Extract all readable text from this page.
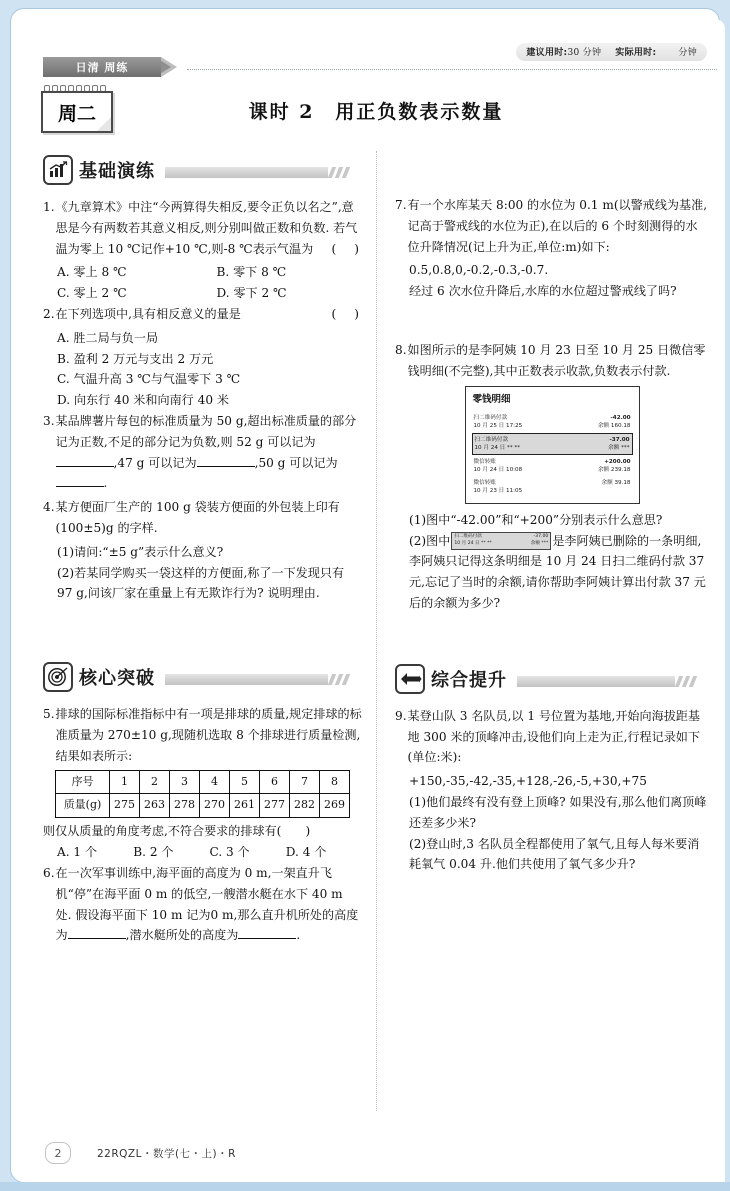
建议用时:30 分钟 实际用时: 分钟
日清 周练
周二	课时 2　用正负数表示数量
基础演练
1. 《九章算术》中注“今两算得失相反,要令正负以名之”,意思是今有两数若其意义相反,则分别叫做正数和负数. 若气温为零上 10 ℃记作+10 ℃,则-8 ℃表示气温为 (　)
A. 零上 8 ℃	B. 零下 8 ℃
C. 零上 2 ℃	D. 零下 2 ℃
2. 在下列选项中,具有相反意义的量是	(　)
A. 胜二局与负一局
B. 盈利 2 万元与支出 2 万元
C. 气温升高 3 ℃与气温零下 3 ℃
D. 向东行 40 米和向南行 40 米
3. 某品牌薯片每包的标准质量为 50 g,超出标准质量的部分记为正数,不足的部分记为负数,则 52 g 可以记为,47 g 可以记为	,50 g 可以记为.
4. 某方便面厂生产的 100 g 袋装方便面的外包装上印有(100±5)g 的字样.
(1)请问:“±5 g”表示什么意义?
(2)若某同学购买一袋这样的方便面,称了一下发现只有 97 g,问该厂家在重量上有无欺诈行为? 说明理由.
核心突破
5. 排球的国际标准指标中有一项是排球的质量,规定排球的标准质量为 270±10 g,现随机选取 8 个排球进行质量检测,结果如表所示:
序号	1	2	3	4	5	6	7	8
质量(g)	275	263	278	270	261	277	282	269
则仅从质量的角度考虑,不符合要求的排球有(　　)
A. 1 个	B. 2 个	C. 3 个	D. 4 个
6. 在一次军事训练中,海平面的高度为 0 m,一架直升飞机“停”在海平面 0 m 的低空,一艘潜水艇在水下 40 m 处. 假设海平面下 10 m 记为0 m,那么直升机所处的高度为	,潜水艇所处的高度为	.
7. 有一个水库某天 8:00 的水位为 0.1 m(以警戒线为基准,记高于警戒线的水位为正),在以后的 6 个时刻测得的水位升降情况(记上升为正,单位:m)如下:
0.5,0.8,0,-0.2,-0.3,-0.7.
经过 6 次水位升降后,水库的水位超过警戒线了吗?
8. 如图所示的是李阿姨 10 月 23 日至 10 月 25 日微信零钱明细(不完整),其中正数表示收款,负数表示付款.
零钱明细
扫二维码付款
10 月 25 日 17:25
-42.00
余额 160.18
扫二维码付款
10 月 24 日 ** **
-37.00
余额 ***
微信转账
10 月 24 日 10:08
+200.00
余额 239.18
微信转账
10 月 23 日 11:05
余额 39.18
(1)图中“-42.00”和“+200”分别表示什么意思?
(2)图中 扫二维码付款
10 月 24 日 ** **
-37.00
余额 *** 是李阿姨已删除的一条明细,李阿姨只记得这条明细是 10 月 24 日扫二维码付款 37 元,忘记了当时的余额,请你帮助李阿姨计算出付款 37 元后的余额为多少?
综合提升
9. 某登山队 3 名队员,以 1 号位置为基地,开始向海拔距基地 300 米的顶峰冲击,设他们向上走为正,行程记录如下(单位:米):
+150,-35,-42,-35,+128,-26,-5,+30,+75
(1)他们最终有没有登上顶峰? 如果没有,那么他们离顶峰还差多少米?
(2)登山时,3 名队员全程都使用了氧气,且每人每米要消耗氧气 0.04 升.他们共使用了氧气多少升?
2	22RQZL・数学(七・上)・R
